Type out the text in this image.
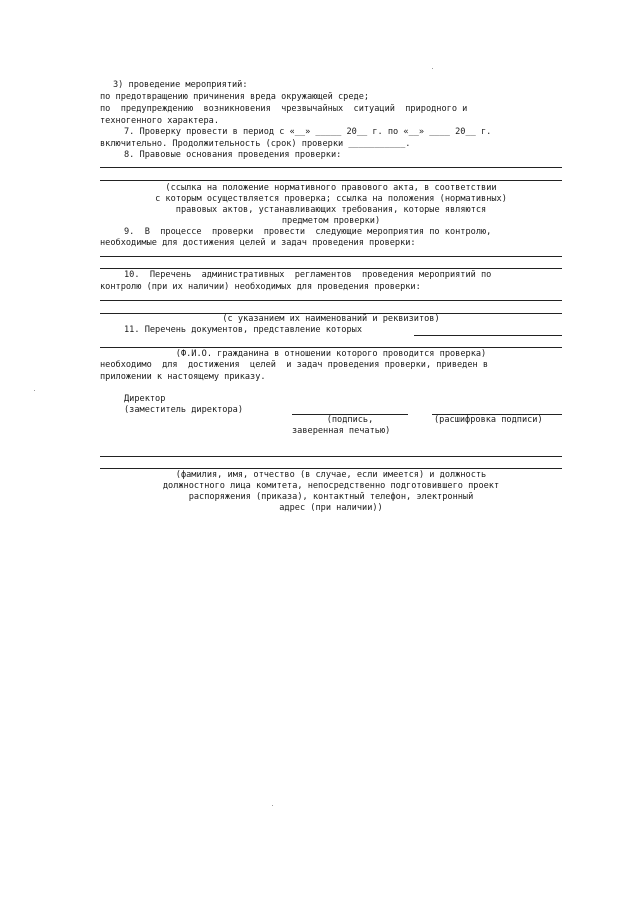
3) проведение мероприятий:
по предотвращению причинения вреда окружающей среде;
по  предупреждению  возникновения  чрезвычайных  ситуаций  природного и
техногенного характера.
7. Проверку провести в период с «__» _____ 20__ г. по «__» ____ 20__ г.
включительно. Продолжительность (срок) проверки ___________.
8. Правовые основания проведения проверки:
(ссылка на положение нормативного правового акта, в соответствии
с которым осуществляется проверка; ссылка на положения (нормативных)
правовых актов, устанавливающих требования, которые являются
предметом проверки)
9.  В  процессе  проверки  провести  следующие мероприятия по контролю,
необходимые для достижения целей и задач проведения проверки:
10.  Перечень  административных  регламентов  проведения мероприятий по
контролю (при их наличии) необходимых для проведения проверки:
(с указанием их наименований и реквизитов)
11. Перечень документов, представление которых
(Ф.И.О. гражданина в отношении которого проводится проверка)
необходимо  для  достижения  целей  и задач проведения проверки, приведен в
приложении к настоящему приказу.
Директор
(заместитель директора)
(подпись,
заверенная печатью)
(расшифровка подписи)
(фамилия, имя, отчество (в случае, если имеется) и должность
должностного лица комитета, непосредственно подготовившего проект
распоряжения (приказа), контактный телефон, электронный
адрес (при наличии))
